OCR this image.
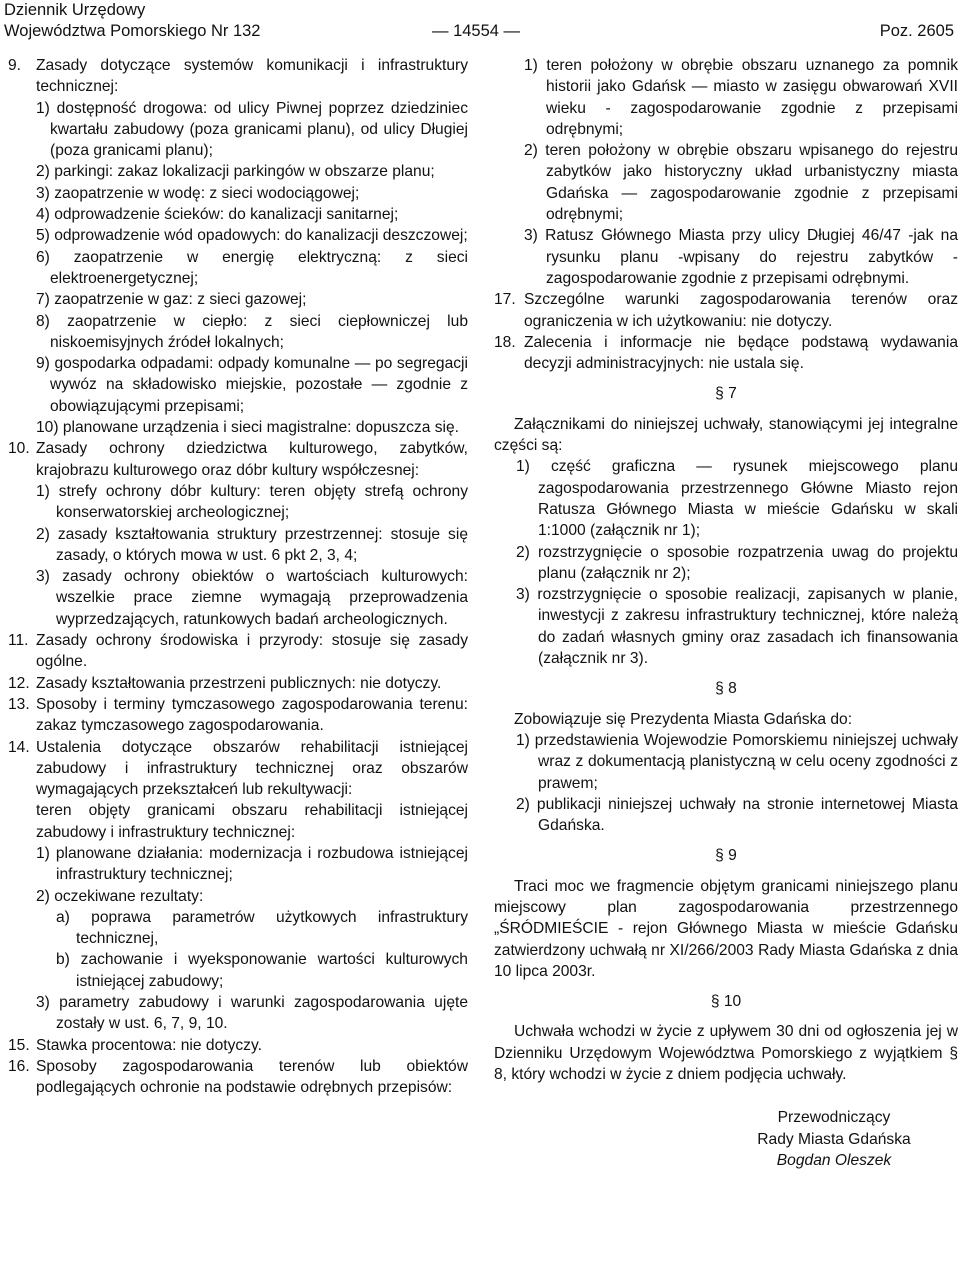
Dziennik Urzędowy
Województwa Pomorskiego Nr 132	— 14554 —	Poz. 2605
9. Zasady dotyczące systemów komunikacji i infrastruktury technicznej:
1) dostępność drogowa: od ulicy Piwnej poprzez dziedziniec kwartału zabudowy (poza granicami planu), od ulicy Długiej (poza granicami planu);
2) parkingi: zakaz lokalizacji parkingów w obszarze planu;
3) zaopatrzenie w wodę: z sieci wodociągowej;
4) odprowadzenie ścieków: do kanalizacji sanitarnej;
5) odprowadzenie wód opadowych: do kanalizacji deszczowej;
6) zaopatrzenie w energię elektryczną: z sieci elektroenergetycznej;
7) zaopatrzenie w gaz: z sieci gazowej;
8) zaopatrzenie w ciepło: z sieci ciepłowniczej lub niskoemisyjnych źródeł lokalnych;
9) gospodarka odpadami: odpady komunalne — po segregacji wywóz na składowisko miejskie, pozostałe — zgodnie z obowiązującymi przepisami;
10) planowane urządzenia i sieci magistralne: dopuszcza się.
10. Zasady ochrony dziedzictwa kulturowego, zabytków, krajobrazu kulturowego oraz dóbr kultury współczesnej:
1) strefy ochrony dóbr kultury: teren objęty strefą ochrony konserwatorskiej archeologicznej;
2) zasady kształtowania struktury przestrzennej: stosuje się zasady, o których mowa w ust. 6 pkt 2, 3, 4;
3) zasady ochrony obiektów o wartościach kulturowych: wszelkie prace ziemne wymagają przeprowadzenia wyprzedzających, ratunkowych badań archeologicznych.
11. Zasady ochrony środowiska i przyrody: stosuje się zasady ogólne.
12. Zasady kształtowania przestrzeni publicznych: nie dotyczy.
13. Sposoby i terminy tymczasowego zagospodarowania terenu: zakaz tymczasowego zagospodarowania.
14. Ustalenia dotyczące obszarów rehabilitacji istniejącej zabudowy i infrastruktury technicznej oraz obszarów wymagających przekształceń lub rekultywacji:
teren objęty granicami obszaru rehabilitacji istniejącej zabudowy i infrastruktury technicznej:
1) planowane działania: modernizacja i rozbudowa istniejącej infrastruktury technicznej;
2) oczekiwane rezultaty:
a) poprawa parametrów użytkowych infrastruktury technicznej,
b) zachowanie i wyeksponowanie wartości kulturowych istniejącej zabudowy;
3) parametry zabudowy i warunki zagospodarowania ujęte zostały w ust. 6, 7, 9, 10.
15. Stawka procentowa: nie dotyczy.
16. Sposoby zagospodarowania terenów lub obiektów podlegających ochronie na podstawie odrębnych przepisów:
1) teren położony w obrębie obszaru uznanego za pomnik historii jako Gdańsk — miasto w zasięgu obwarowań XVII wieku - zagospodarowanie zgodnie z przepisami odrębnymi;
2) teren położony w obrębie obszaru wpisanego do rejestru zabytków jako historyczny układ urbanistyczny miasta Gdańska — zagospodarowanie zgodnie z przepisami odrębnymi;
3) Ratusz Głównego Miasta przy ulicy Długiej 46/47 -jak na rysunku planu -wpisany do rejestru zabytków -zagospodarowanie zgodnie z przepisami odrębnymi.
17. Szczególne warunki zagospodarowania terenów oraz ograniczenia w ich użytkowaniu: nie dotyczy.
18. Zalecenia i informacje nie będące podstawą wydawania decyzji administracyjnych: nie ustala się.
§ 7
Załącznikami do niniejszej uchwały, stanowiącymi jej integralne części są:
1) część graficzna — rysunek miejscowego planu zagospodarowania przestrzennego Główne Miasto rejon Ratusza Głównego Miasta w mieście Gdańsku w skali 1:1000 (załącznik nr 1);
2) rozstrzygnięcie o sposobie rozpatrzenia uwag do projektu planu (załącznik nr 2);
3) rozstrzygnięcie o sposobie realizacji, zapisanych w planie, inwestycji z zakresu infrastruktury technicznej, które należą do zadań własnych gminy oraz zasadach ich finansowania (załącznik nr 3).
§ 8
Zobowiązuje się Prezydenta Miasta Gdańska do:
1) przedstawienia Wojewodzie Pomorskiemu niniejszej uchwały wraz z dokumentacją planistyczną w celu oceny zgodności z prawem;
2) publikacji niniejszej uchwały na stronie internetowej Miasta Gdańska.
§ 9
Traci moc we fragmencie objętym granicami niniejszego planu miejscowy plan zagospodarowania przestrzennego „ŚRÓDMIEŚCIE - rejon Głównego Miasta w mieście Gdańsku zatwierdzony uchwałą nr XI/266/2003 Rady Miasta Gdańska z dnia 10 lipca 2003r.
§ 10
Uchwała wchodzi w życie z upływem 30 dni od ogłoszenia jej w Dzienniku Urzędowym Województwa Pomorskiego z wyjątkiem § 8, który wchodzi w życie z dniem podjęcia uchwały.
Przewodniczący
Rady Miasta Gdańska
Bogdan Oleszek
